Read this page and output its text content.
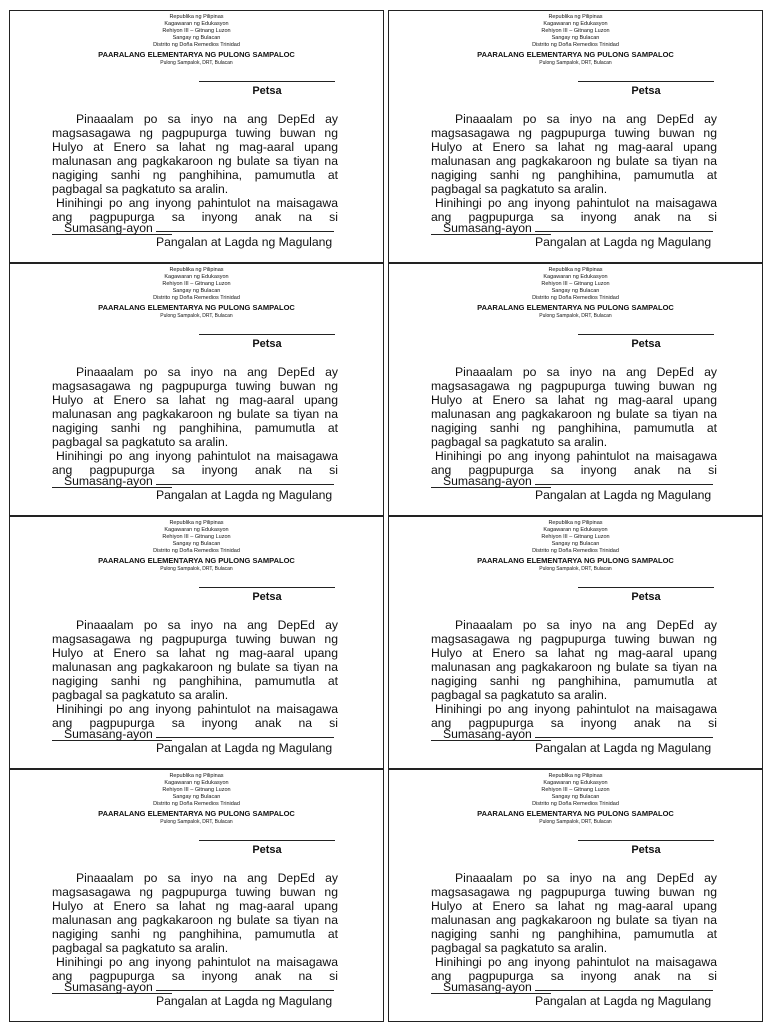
Republika ng Pilipinas
Kagawaran ng Edukasyon
Rehiyon III – Gitnang Luzon
Sangay ng Bulacan
Distrito ng Doña Remedios Trinidad
PAARALANG ELEMENTARYA NG PULONG SAMPALOC
Pulong Sampalok, DRT, Bulacan
Petsa

Pinaaalam po sa inyo na ang DepEd ay magsasagawa ng pagpupurga tuwing buwan ng Hulyo at Enero sa lahat ng mag-aaral upang malunasan ang pagkakaroon ng bulate sa tiyan na nagiging sanhi ng panghihina, pamumutla at pagbagal sa pagkatuto sa aralin.

Hinihingi po ang inyong pahintulot na maisagawa ang pagpupurga sa inyong anak na si

Sumasang-ayon
Pangalan at Lagda ng Magulang
Republika ng Pilipinas
Kagawaran ng Edukasyon
Rehiyon III – Gitnang Luzon
Sangay ng Bulacan
Distrito ng Doña Remedios Trinidad
PAARALANG ELEMENTARYA NG PULONG SAMPALOC
Pulong Sampalok, DRT, Bulacan
Petsa

Pinaaalam po sa inyo na ang DepEd ay magsasagawa ng pagpupurga tuwing buwan ng Hulyo at Enero sa lahat ng mag-aaral upang malunasan ang pagkakaroon ng bulate sa tiyan na nagiging sanhi ng panghihina, pamumutla at pagbagal sa pagkatuto sa aralin.

Hinihingi po ang inyong pahintulot na maisagawa ang pagpupurga sa inyong anak na si

Sumasang-ayon
Pangalan at Lagda ng Magulang
Republika ng Pilipinas
Kagawaran ng Edukasyon
Rehiyon III – Gitnang Luzon
Sangay ng Bulacan
Distrito ng Doña Remedios Trinidad
PAARALANG ELEMENTARYA NG PULONG SAMPALOC
Pulong Sampalok, DRT, Bulacan
Petsa

Pinaaalam po sa inyo na ang DepEd ay magsasagawa ng pagpupurga tuwing buwan ng Hulyo at Enero sa lahat ng mag-aaral upang malunasan ang pagkakaroon ng bulate sa tiyan na nagiging sanhi ng panghihina, pamumutla at pagbagal sa pagkatuto sa aralin.

Hinihingi po ang inyong pahintulot na maisagawa ang pagpupurga sa inyong anak na si

Sumasang-ayon
Pangalan at Lagda ng Magulang
Republika ng Pilipinas
Kagawaran ng Edukasyon
Rehiyon III – Gitnang Luzon
Sangay ng Bulacan
Distrito ng Doña Remedios Trinidad
PAARALANG ELEMENTARYA NG PULONG SAMPALOC
Pulong Sampalok, DRT, Bulacan
Petsa

Pinaaalam po sa inyo na ang DepEd ay magsasagawa ng pagpupurga tuwing buwan ng Hulyo at Enero sa lahat ng mag-aaral upang malunasan ang pagkakaroon ng bulate sa tiyan na nagiging sanhi ng panghihina, pamumutla at pagbagal sa pagkatuto sa aralin.

Hinihingi po ang inyong pahintulot na maisagawa ang pagpupurga sa inyong anak na si

Sumasang-ayon
Pangalan at Lagda ng Magulang
Republika ng Pilipinas
Kagawaran ng Edukasyon
Rehiyon III – Gitnang Luzon
Sangay ng Bulacan
Distrito ng Doña Remedios Trinidad
PAARALANG ELEMENTARYA NG PULONG SAMPALOC
Pulong Sampalok, DRT, Bulacan
Petsa

Pinaaalam po sa inyo na ang DepEd ay magsasagawa ng pagpupurga tuwing buwan ng Hulyo at Enero sa lahat ng mag-aaral upang malunasan ang pagkakaroon ng bulate sa tiyan na nagiging sanhi ng panghihina, pamumutla at pagbagal sa pagkatuto sa aralin.

Hinihingi po ang inyong pahintulot na maisagawa ang pagpupurga sa inyong anak na si

Sumasang-ayon
Pangalan at Lagda ng Magulang
Republika ng Pilipinas
Kagawaran ng Edukasyon
Rehiyon III – Gitnang Luzon
Sangay ng Bulacan
Distrito ng Doña Remedios Trinidad
PAARALANG ELEMENTARYA NG PULONG SAMPALOC
Pulong Sampalok, DRT, Bulacan
Petsa

Pinaaalam po sa inyo na ang DepEd ay magsasagawa ng pagpupurga tuwing buwan ng Hulyo at Enero sa lahat ng mag-aaral upang malunasan ang pagkakaroon ng bulate sa tiyan na nagiging sanhi ng panghihina, pamumutla at pagbagal sa pagkatuto sa aralin.

Hinihingi po ang inyong pahintulot na maisagawa ang pagpupurga sa inyong anak na si

Sumasang-ayon
Pangalan at Lagda ng Magulang
Republika ng Pilipinas
Kagawaran ng Edukasyon
Rehiyon III – Gitnang Luzon
Sangay ng Bulacan
Distrito ng Doña Remedios Trinidad
PAARALANG ELEMENTARYA NG PULONG SAMPALOC
Pulong Sampalok, DRT, Bulacan
Petsa

Pinaaalam po sa inyo na ang DepEd ay magsasagawa ng pagpupurga tuwing buwan ng Hulyo at Enero sa lahat ng mag-aaral upang malunasan ang pagkakaroon ng bulate sa tiyan na nagiging sanhi ng panghihina, pamumutla at pagbagal sa pagkatuto sa aralin.

Hinihingi po ang inyong pahintulot na maisagawa ang pagpupurga sa inyong anak na si

Sumasang-ayon
Pangalan at Lagda ng Magulang
Republika ng Pilipinas
Kagawaran ng Edukasyon
Rehiyon III – Gitnang Luzon
Sangay ng Bulacan
Distrito ng Doña Remedios Trinidad
PAARALANG ELEMENTARYA NG PULONG SAMPALOC
Pulong Sampalok, DRT, Bulacan
Petsa

Pinaaalam po sa inyo na ang DepEd ay magsasagawa ng pagpupurga tuwing buwan ng Hulyo at Enero sa lahat ng mag-aaral upang malunasan ang pagkakaroon ng bulate sa tiyan na nagiging sanhi ng panghihina, pamumutla at pagbagal sa pagkatuto sa aralin.

Hinihingi po ang inyong pahintulot na maisagawa ang pagpupurga sa inyong anak na si

Sumasang-ayon
Pangalan at Lagda ng Magulang
